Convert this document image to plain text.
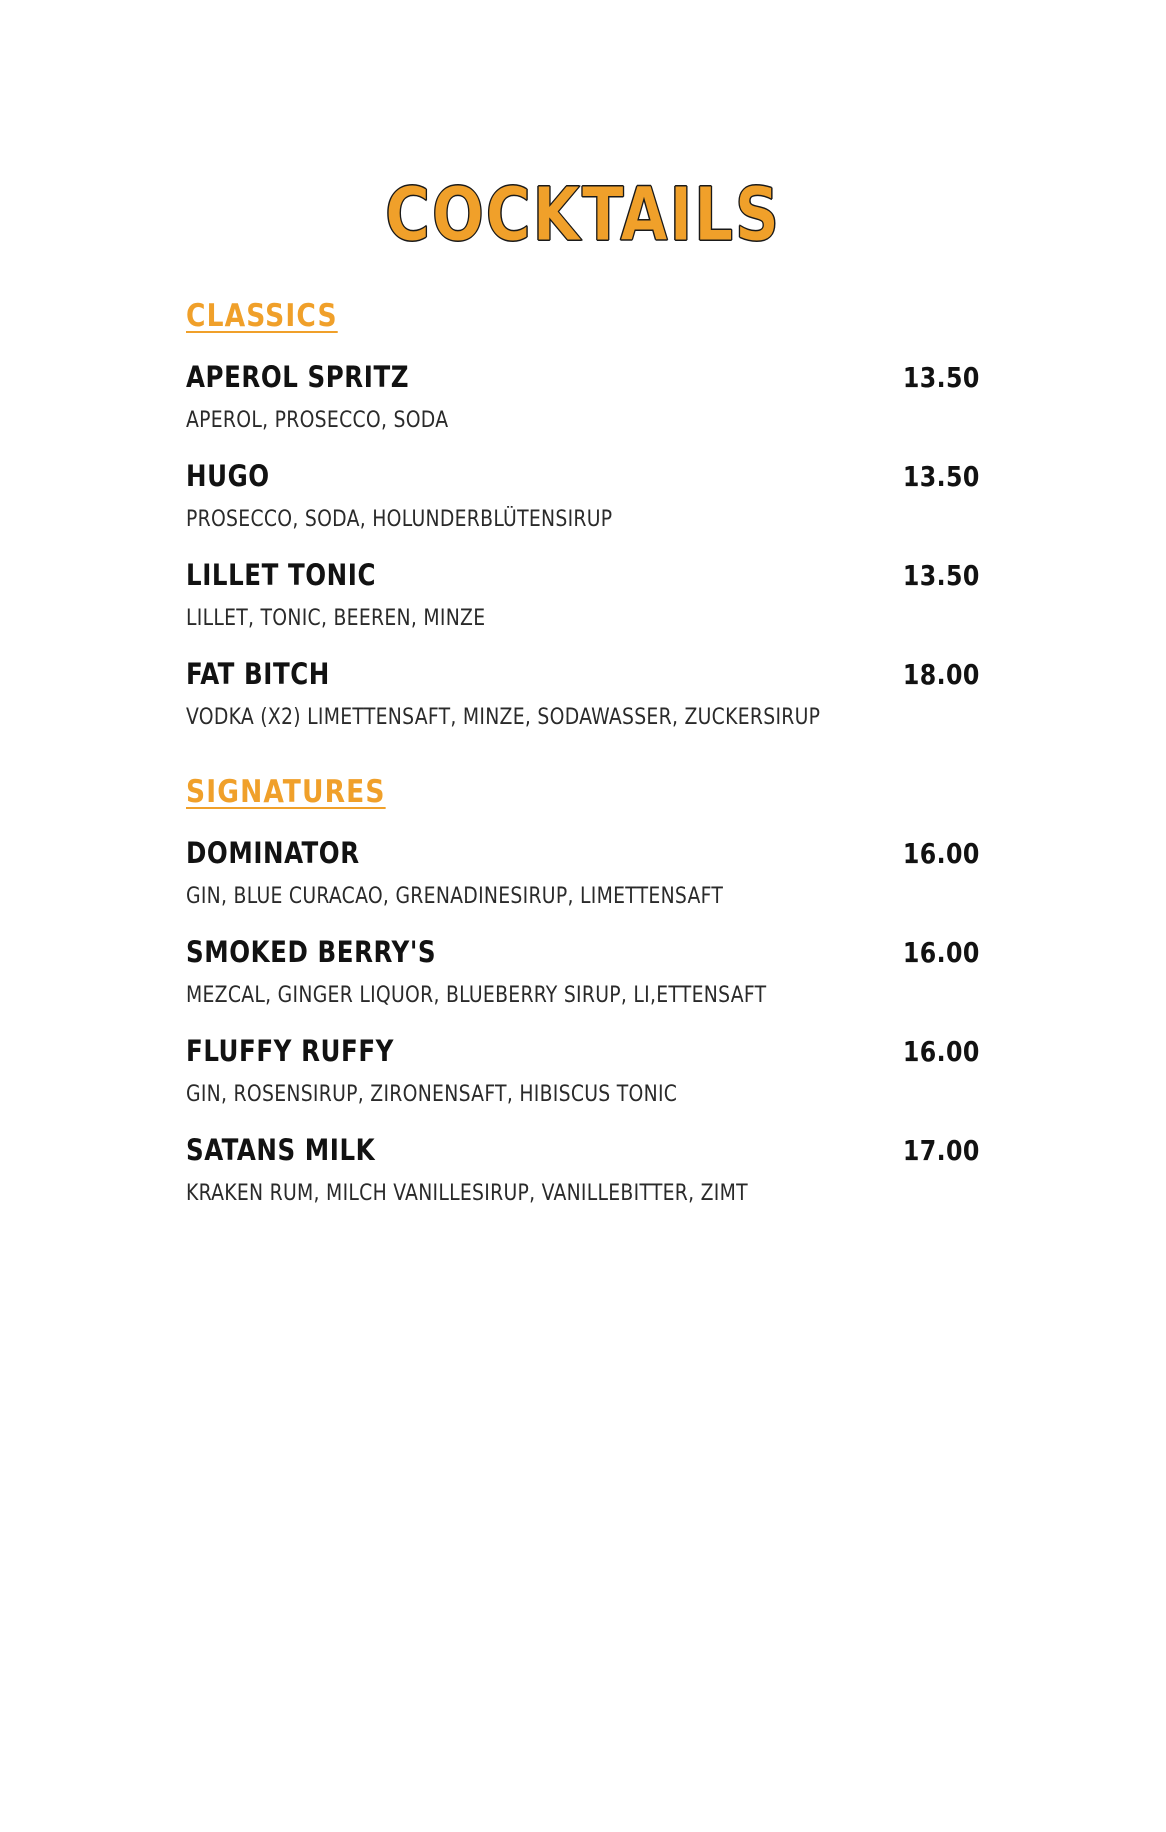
COCKTAILS
CLASSICS
APEROL SPRITZ	13.50
APEROL, PROSECCO, SODA
HUGO	13.50
PROSECCO, SODA, HOLUNDERBLÜTENSIRUP
LILLET TONIC	13.50
LILLET, TONIC, BEEREN, MINZE
FAT BITCH	18.00
VODKA (X2) LIMETTENSAFT, MINZE, SODAWASSER, ZUCKERSIRUP
SIGNATURES
DOMINATOR	16.00
GIN, BLUE CURACAO, GRENADINESIRUP, LIMETTENSAFT
SMOKED BERRY'S	16.00
MEZCAL, GINGER LIQUOR, BLUEBERRY SIRUP, LI,ETTENSAFT
FLUFFY RUFFY	16.00
GIN, ROSENSIRUP, ZIRONENSAFT, HIBISCUS TONIC
SATANS MILK	17.00
KRAKEN RUM, MILCH VANILLESIRUP, VANILLEBITTER, ZIMT
